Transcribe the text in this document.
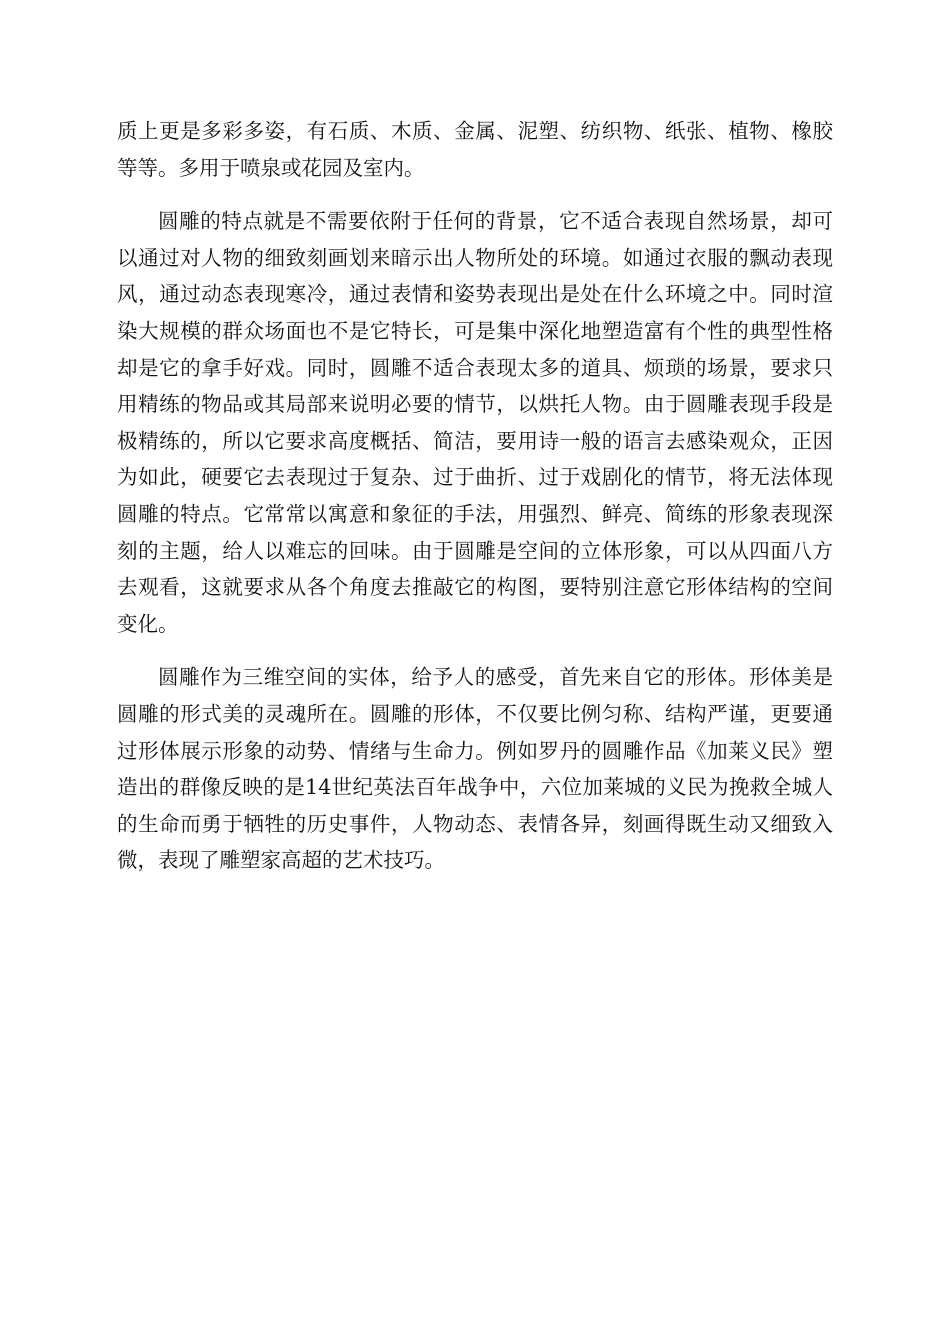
质上更是多彩多姿，有石质、木质、金属、泥塑、纺织物、纸张、植物、橡胶等等。多用于喷泉或花园及室内。

圆雕的特点就是不需要依附于任何的背景，它不适合表现自然场景，却可以通过对人物的细致刻画划来暗示出人物所处的环境。如通过衣服的飘动表现风，通过动态表现寒冷，通过表情和姿势表现出是处在什么环境之中。同时渲染大规模的群众场面也不是它特长，可是集中深化地塑造富有个性的典型性格却是它的拿手好戏。同时，圆雕不适合表现太多的道具、烦琐的场景，要求只用精练的物品或其局部来说明必要的情节，以烘托人物。由于圆雕表现手段是极精练的，所以它要求高度概括、简洁，要用诗一般的语言去感染观众，正因为如此，硬要它去表现过于复杂、过于曲折、过于戏剧化的情节，将无法体现圆雕的特点。它常常以寓意和象征的手法，用强烈、鲜亮、简练的形象表现深刻的主题，给人以难忘的回味。由于圆雕是空间的立体形象，可以从四面八方去观看，这就要求从各个角度去推敲它的构图，要特别注意它形体结构的空间变化。

圆雕作为三维空间的实体，给予人的感受，首先来自它的形体。形体美是圆雕的形式美的灵魂所在。圆雕的形体，不仅要比例匀称、结构严谨，更要通过形体展示形象的动势、情绪与生命力。例如罗丹的圆雕作品《加莱义民》塑造出的群像反映的是14世纪英法百年战争中，六位加莱城的义民为挽救全城人的生命而勇于牺牲的历史事件，人物动态、表情各异，刻画得既生动又细致入微，表现了雕塑家高超的艺术技巧。
